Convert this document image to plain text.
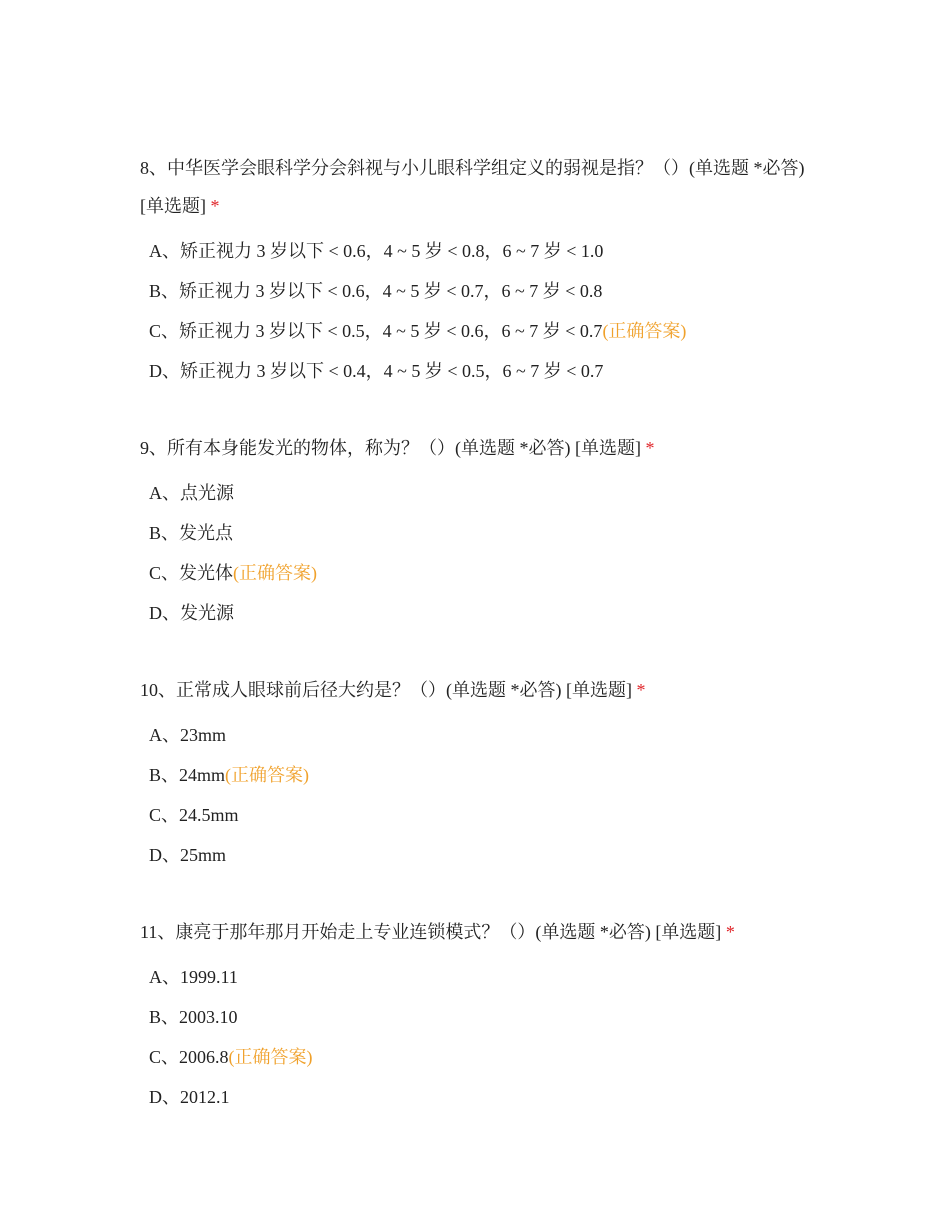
8、中华医学会眼科学分会斜视与小儿眼科学组定义的弱视是指？（）(单选题 *必答) [单选题] *

A、矫正视力 3 岁以下 < 0.6，4 ~ 5 岁 < 0.8，6 ~ 7 岁 < 1.0
B、矫正视力 3 岁以下 < 0.6，4 ~ 5 岁 < 0.7，6 ~ 7 岁 < 0.8
C、矫正视力 3 岁以下 < 0.5，4 ~ 5 岁 < 0.6，6 ~ 7 岁 < 0.7 (正确答案)
D、矫正视力 3 岁以下 < 0.4，4 ~ 5 岁 < 0.5，6 ~ 7 岁 < 0.7

9、所有本身能发光的物体，称为？（）(单选题 *必答) [单选题] *

A、点光源
B、发光点
C、发光体 (正确答案)
D、发光源

10、正常成人眼球前后径大约是？（）(单选题 *必答) [单选题] *

A、23mm
B、24mm (正确答案)
C、24.5mm
D、25mm

11、康亮于那年那月开始走上专业连锁模式？（）(单选题 *必答) [单选题] *

A、1999.11
B、2003.10
C、2006.8 (正确答案)
D、2012.1
